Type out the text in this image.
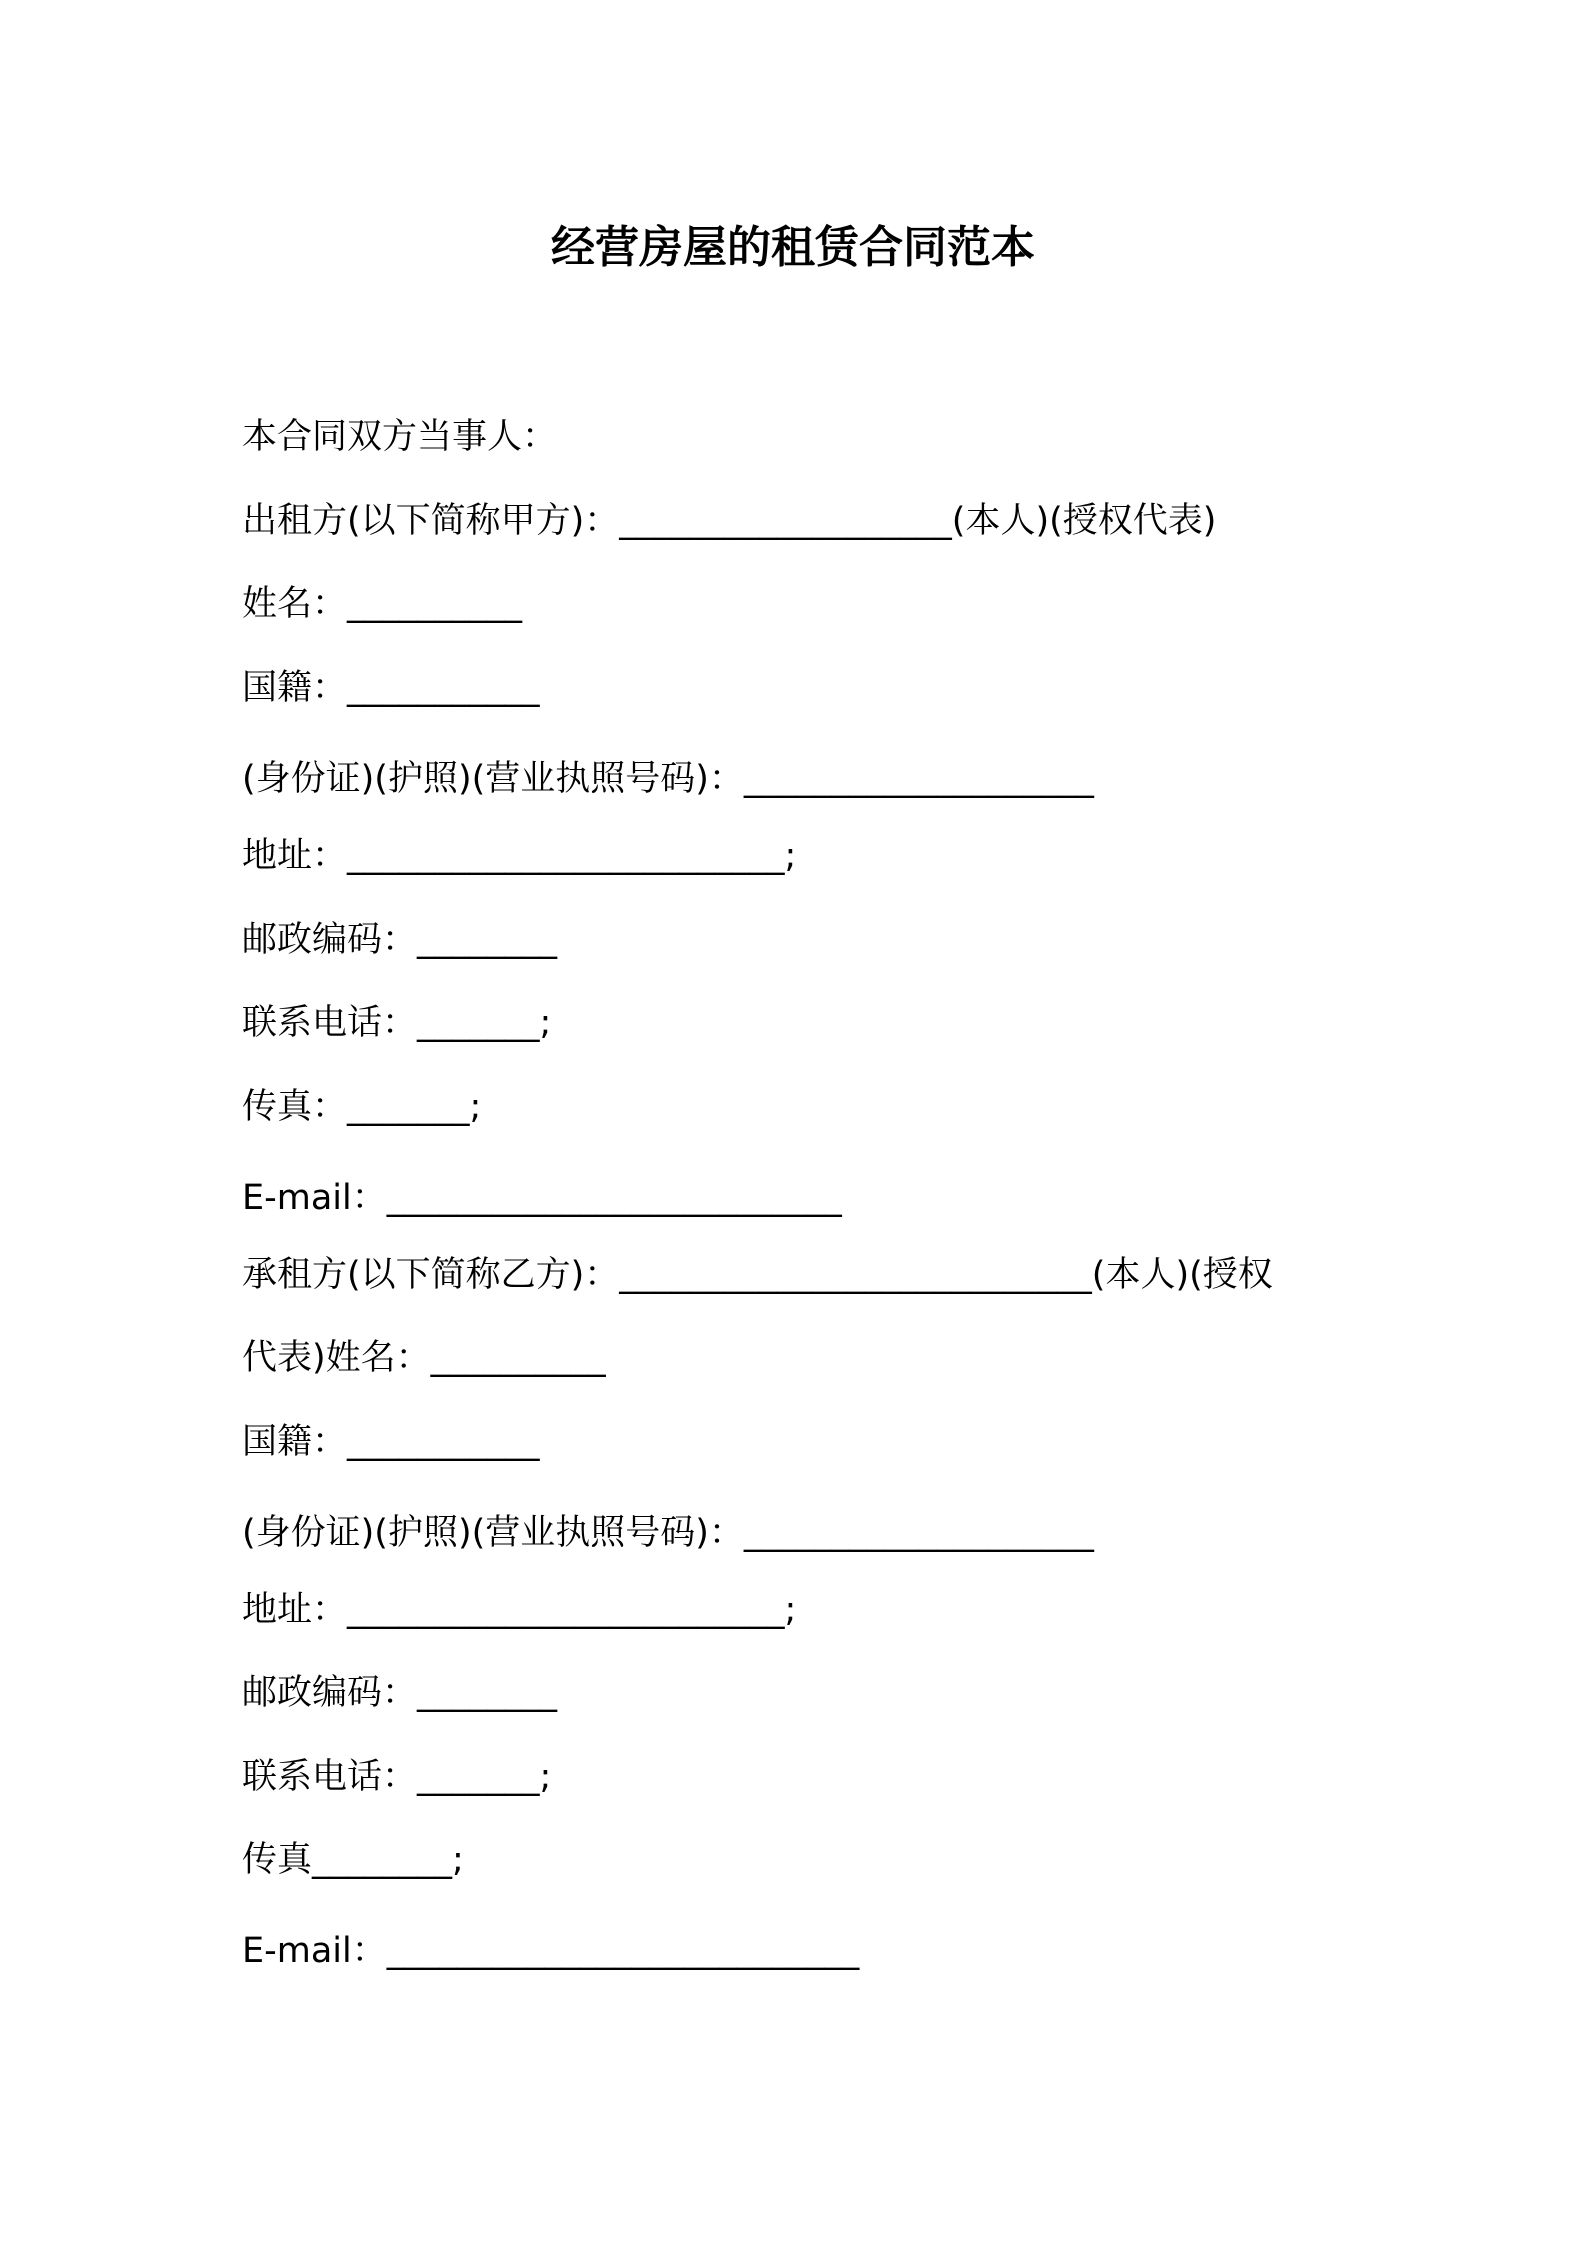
经营房屋的租赁合同范本
本合同双方当事人：
出租方(以下简称甲方)：___________________(本人)(授权代表)
姓名：__________
国籍：___________
(身份证)(护照)(营业执照号码)：____________________
地址：_________________________;
邮政编码：________
联系电话：_______;
传真：_______;
E-mail：__________________________
承租方(以下简称乙方)：___________________________(本人)(授权
代表)姓名：__________
国籍：___________
(身份证)(护照)(营业执照号码)：____________________
地址：_________________________;
邮政编码：________
联系电话：_______;
传真________;
E-mail：___________________________
